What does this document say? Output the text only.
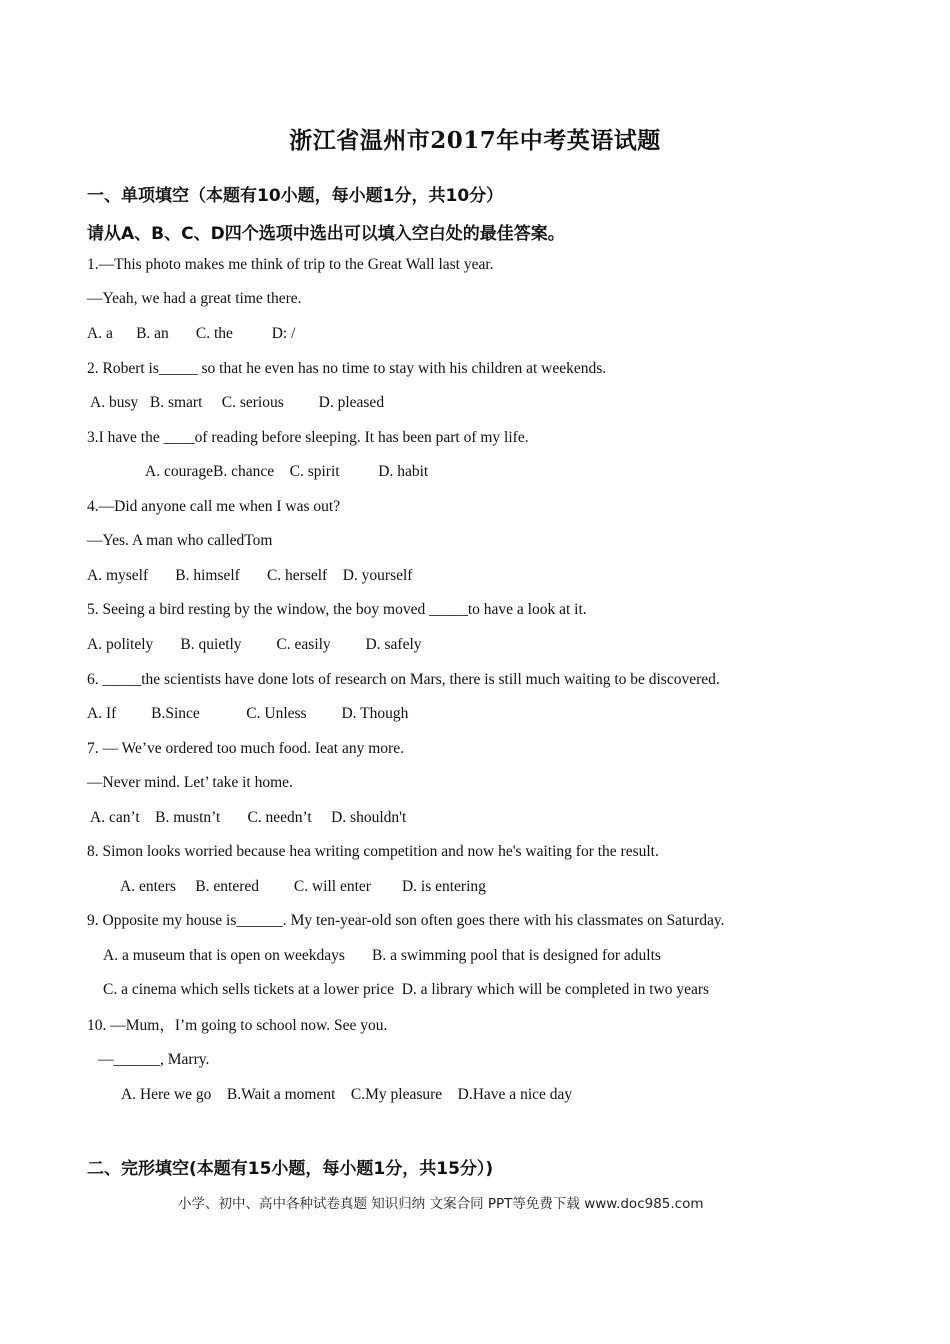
浙江省温州市2017年中考英语试题
一、单项填空（本题有10小题，每小题1分，共10分）
请从A、B、C、D四个选项中选出可以填入空白处的最佳答案。
1.—This photo makes me think of trip to the Great Wall last year.
—Yeah, we had a great time there.
A. a      B. an       C. the          D: /
2. Robert is_____ so that he even has no time to stay with his children at weekends.
A. busy   B. smart     C. serious         D. pleased
3.I have the ____of reading before sleeping. It has been part of my life.
A. courageB. chance    C. spirit          D. habit
4.—Did anyone call me when I was out?
—Yes. A man who calledTom
A. myself       B. himself       C. herself    D. yourself
5. Seeing a bird resting by the window, the boy moved _____to have a look at it.
A. politely       B. quietly         C. easily         D. safely
6. _____the scientists have done lots of research on Mars, there is still much waiting to be discovered.
A. If         B.Since            C. Unless         D. Though
7. — We’ve ordered too much food. Ieat any more.
—Never mind. Let’ take it home.
A. can’t    B. mustn’t       C. needn’t     D. shouldn't
8. Simon looks worried because hea writing competition and now he's waiting for the result.
A. enters     B. entered         C. will enter        D. is entering
9. Opposite my house is______. My ten-year-old son often goes there with his classmates on Saturday.
A. a museum that is open on weekdays       B. a swimming pool that is designed for adults
C. a cinema which sells tickets at a lower price  D. a library which will be completed in two years
10. —Mum，I’m going to school now. See you.
—______, Marry.
A. Here we go    B.Wait a moment    C.My pleasure    D.Have a nice day
二、完形填空(本题有15小题，每小题1分，共15分）)
小学、初中、高中各种试卷真题 知识归纳 文案合同 PPT等免费下载 www.doc985.com
